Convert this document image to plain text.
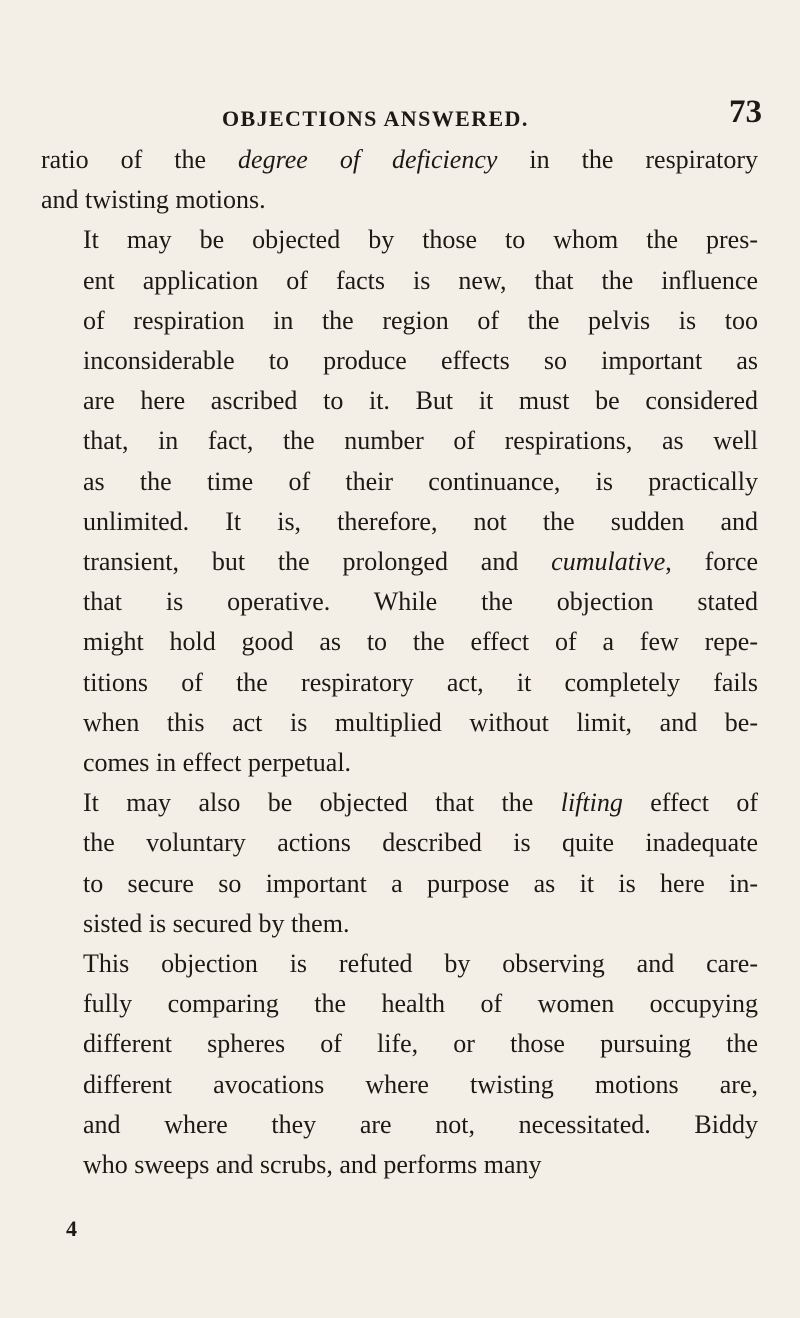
OBJECTIONS ANSWERED.	73

ratio of the degree of deficiency in the respiratory
and twisting motions.

It may be objected by those to whom the pres-
ent application of facts is new, that the influence
of respiration in the region of the pelvis is too
inconsiderable to produce effects so important as
are here ascribed to it. But it must be considered
that, in fact, the number of respirations, as well
as the time of their continuance, is practically
unlimited. It is, therefore, not the sudden and
transient, but the prolonged and cumulative, force
that is operative. While the objection stated
might hold good as to the effect of a few repe-
titions of the respiratory act, it completely fails
when this act is multiplied without limit, and be-
comes in effect perpetual.

It may also be objected that the lifting effect of
the voluntary actions described is quite inadequate
to secure so important a purpose as it is here in-
sisted is secured by them.

This objection is refuted by observing and care-
fully comparing the health of women occupying
different spheres of life, or those pursuing the
different avocations where twisting motions are,
and where they are not, necessitated. Biddy
who sweeps and scrubs, and performs many

4
